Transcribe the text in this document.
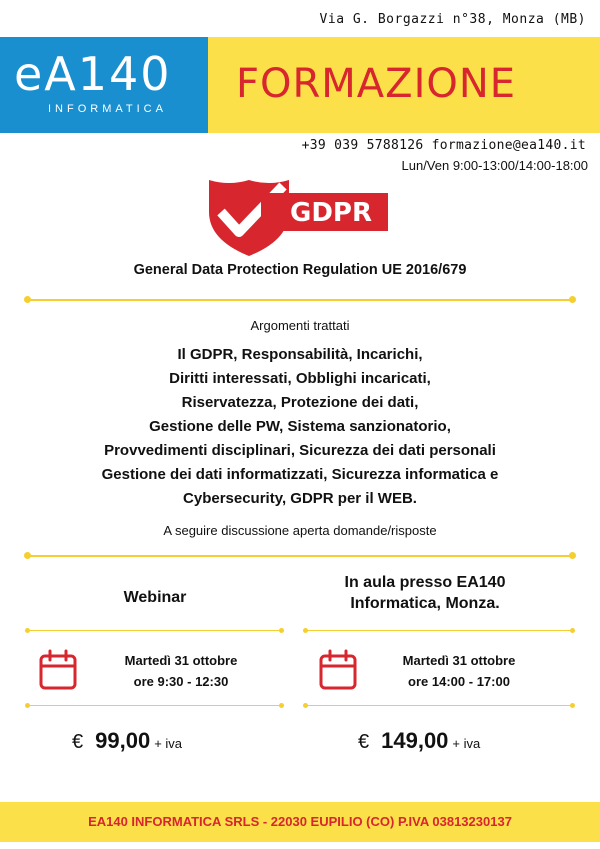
Via G. Borgazzi n°38, Monza (MB)
eA140
INFORMATICA
FORMAZIONE
+39 039 5788126 formazione@ea140.it
Lun/Ven 9:00-13:00/14:00-18:00
GDPR
General Data Protection Regulation UE 2016/679
Argomenti trattati
Il GDPR, Responsabilità, Incarichi,
Diritti interessati, Obblighi incaricati,
Riservatezza, Protezione dei dati,
Gestione delle PW, Sistema sanzionatorio,
Provvedimenti disciplinari, Sicurezza dei dati personali
Gestione dei dati informatizzati, Sicurezza informatica e
Cybersecurity, GDPR per il WEB.
A seguire discussione aperta domande/risposte
Webinar
In aula presso EA140 Informatica, Monza.
Martedì 31 ottobre
ore 9:30 - 12:30
Martedì 31 ottobre
ore 14:00 - 17:00
€ 99,00 + iva	€ 149,00 + iva
EA140 INFORMATICA SRLS - 22030 EUPILIO (CO) P.IVA 03813230137
